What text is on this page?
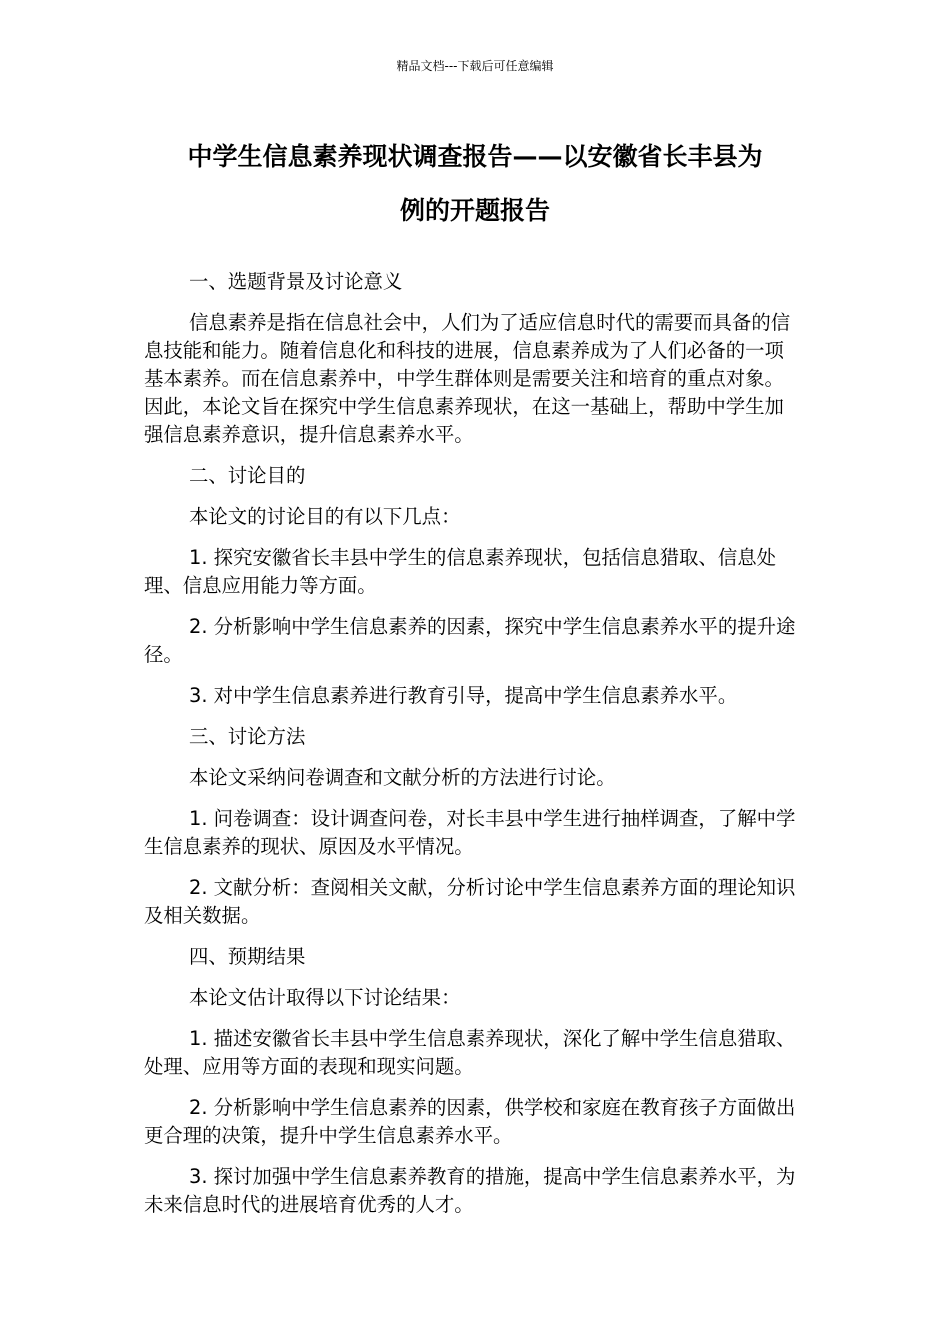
精品文档---下载后可任意编辑
中学生信息素养现状调查报告——以安徽省长丰县为
例的开题报告

一、选题背景及讨论意义

信息素养是指在信息社会中，人们为了适应信息时代的需要而具备的信息技能和能力。随着信息化和科技的进展，信息素养成为了人们必备的一项基本素养。而在信息素养中，中学生群体则是需要关注和培育的重点对象。因此，本论文旨在探究中学生信息素养现状，在这一基础上，帮助中学生加强信息素养意识，提升信息素养水平。

二、讨论目的

本论文的讨论目的有以下几点：

1. 探究安徽省长丰县中学生的信息素养现状，包括信息猎取、信息处理、信息应用能力等方面。

2. 分析影响中学生信息素养的因素，探究中学生信息素养水平的提升途径。

3. 对中学生信息素养进行教育引导，提高中学生信息素养水平。

三、讨论方法

本论文采纳问卷调查和文献分析的方法进行讨论。

1. 问卷调查：设计调查问卷，对长丰县中学生进行抽样调查，了解中学生信息素养的现状、原因及水平情况。

2. 文献分析：查阅相关文献，分析讨论中学生信息素养方面的理论知识及相关数据。

四、预期结果

本论文估计取得以下讨论结果：

1. 描述安徽省长丰县中学生信息素养现状，深化了解中学生信息猎取、处理、应用等方面的表现和现实问题。

2. 分析影响中学生信息素养的因素，供学校和家庭在教育孩子方面做出更合理的决策，提升中学生信息素养水平。

3. 探讨加强中学生信息素养教育的措施，提高中学生信息素养水平，为未来信息时代的进展培育优秀的人才。
